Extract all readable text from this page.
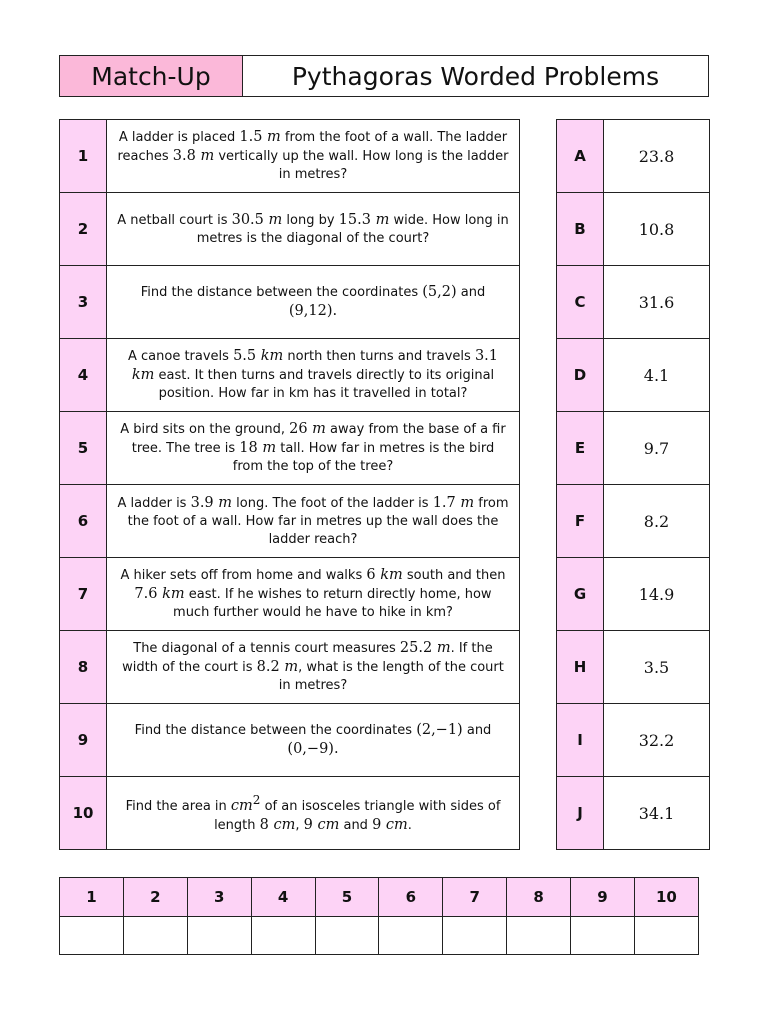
Match-Up	Pythagoras Worded Problems
1	A ladder is placed 1.5 m from the foot of a wall. The ladder reaches 3.8 m vertically up the wall. How long is the ladder in metres?
2	A netball court is 30.5 m long by 15.3 m wide. How long in metres is the diagonal of the court?
3	Find the distance between the coordinates (5,2) and (9,12).
4	A canoe travels 5.5 km north then turns and travels 3.1 km east. It then turns and travels directly to its original position. How far in km has it travelled in total?
5	A bird sits on the ground, 26 m away from the base of a fir tree. The tree is 18 m tall. How far in metres is the bird from the top of the tree?
6	A ladder is 3.9 m long. The foot of the ladder is 1.7 m from the foot of a wall. How far in metres up the wall does the ladder reach?
7	A hiker sets off from home and walks 6 km south and then 7.6 km east. If he wishes to return directly home, how much further would he have to hike in km?
8	The diagonal of a tennis court measures 25.2 m. If the width of the court is 8.2 m, what is the length of the court in metres?
9	Find the distance between the coordinates (2,−1) and (0,−9).
10	Find the area in $cm^2$ of an isosceles triangle with sides of length 8 cm, 9 cm and 9 cm.
A	23.8
B	10.8
C	31.6
D	4.1
E	9.7
F	8.2
G	14.9
H	3.5
I	32.2
J	34.1
1	2	3	4	5	6	7	8	9	10
